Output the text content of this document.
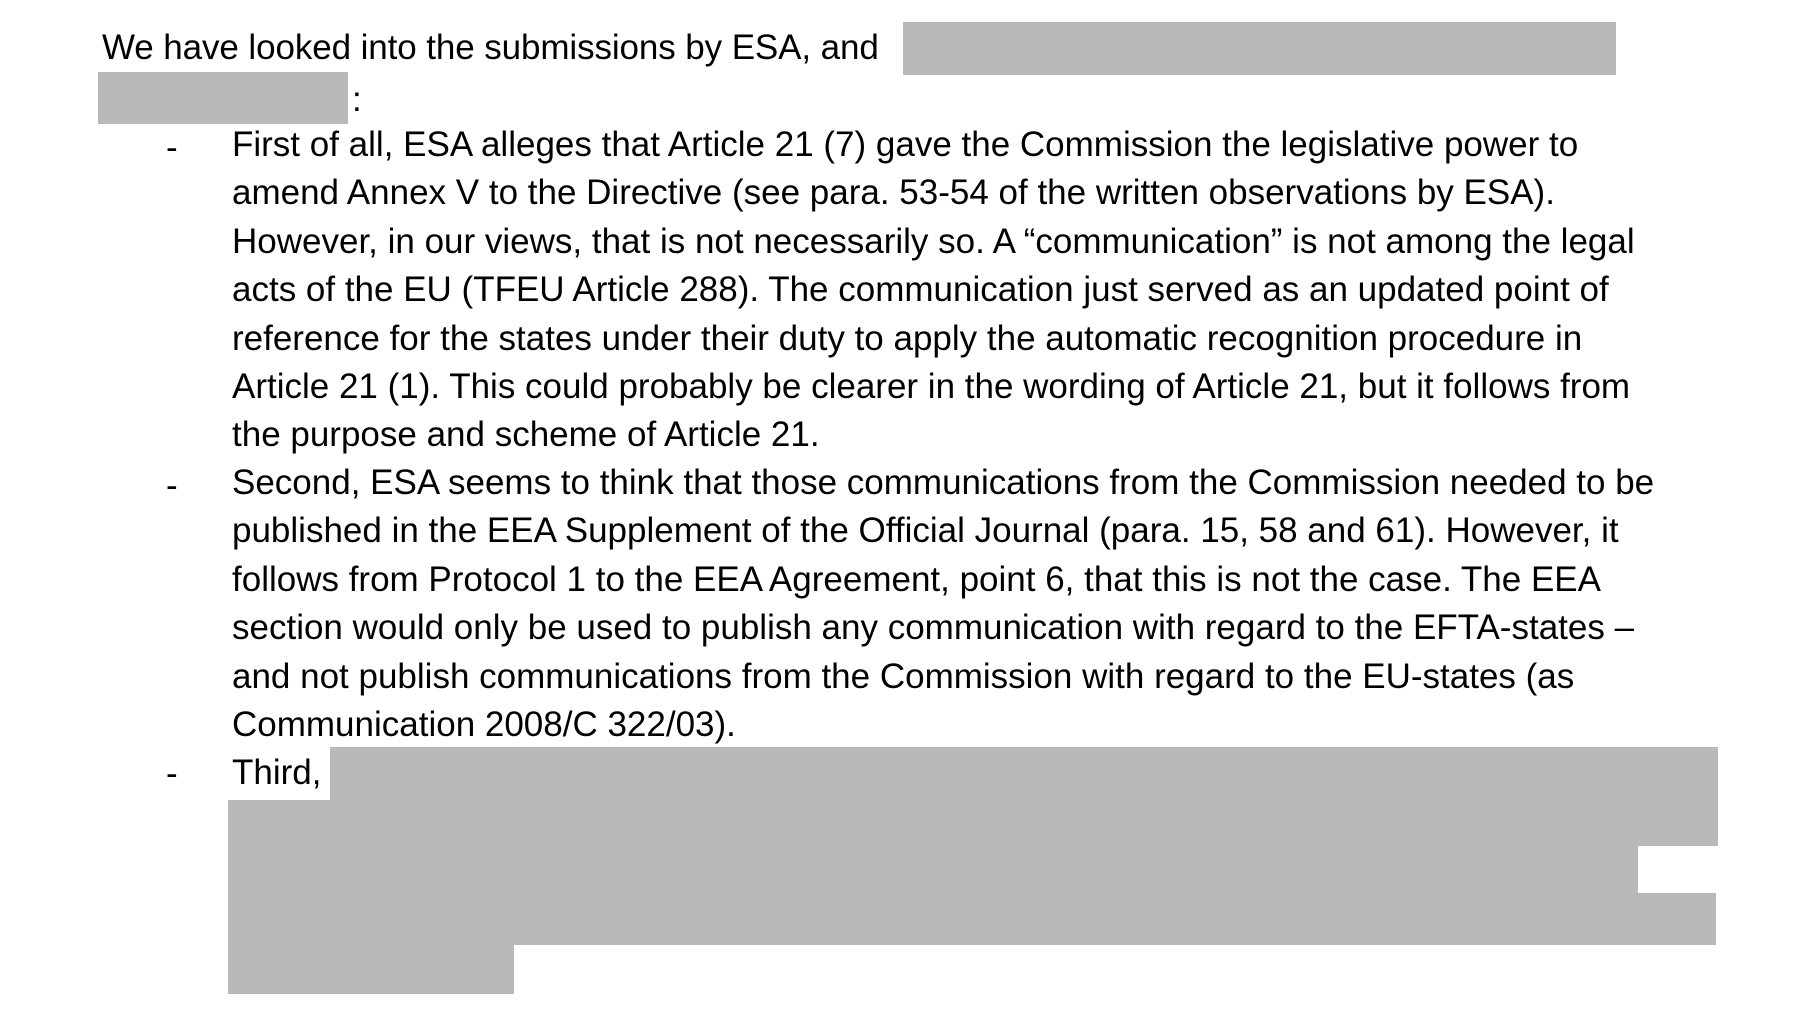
We have looked into the submissions by ESA, and
:
- First of all, ESA alleges that Article 21 (7) gave the Commission the legislative power to
amend Annex V to the Directive (see para. 53-54 of the written observations by ESA).
However, in our views, that is not necessarily so. A “communication” is not among the legal
acts of the EU (TFEU Article 288). The communication just served as an updated point of
reference for the states under their duty to apply the automatic recognition procedure in
Article 21 (1). This could probably be clearer in the wording of Article 21, but it follows from
the purpose and scheme of Article 21.
- Second, ESA seems to think that those communications from the Commission needed to be
published in the EEA Supplement of the Official Journal (para. 15, 58 and 61). However, it
follows from Protocol 1 to the EEA Agreement, point 6, that this is not the case. The EEA
section would only be used to publish any communication with regard to the EFTA-states –
and not publish communications from the Commission with regard to the EU-states (as
Communication 2008/C 322/03).
- Third,
